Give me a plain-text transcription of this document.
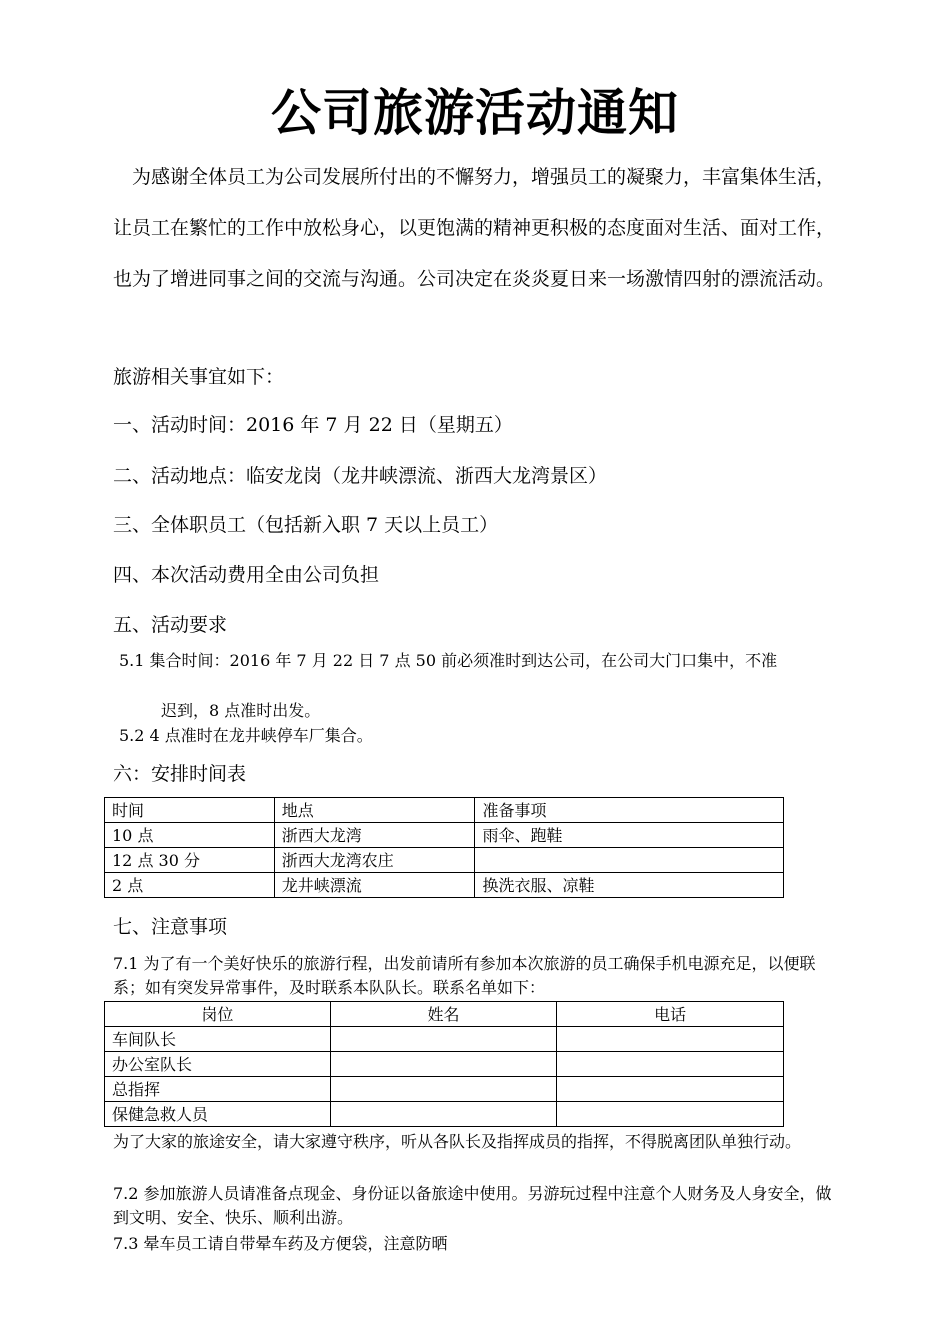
公司旅游活动通知
为感谢全体员工为公司发展所付出的不懈努力，增强员工的凝聚力，丰富集体生活，让员工在繁忙的工作中放松身心，以更饱满的精神更积极的态度面对生活、面对工作，也为了增进同事之间的交流与沟通。公司决定在炎炎夏日来一场激情四射的漂流活动。
旅游相关事宜如下：
一、活动时间：2016 年 7 月 22 日（星期五）
二、活动地点：临安龙岗（龙井峡漂流、浙西大龙湾景区）
三、全体职员工（包括新入职 7 天以上员工）
四、本次活动费用全由公司负担
五、活动要求
5.1 集合时间：2016 年 7 月 22 日 7 点 50 前必须准时到达公司，在公司大门口集中，不准
迟到，8 点准时出发。
5.2 4 点准时在龙井峡停车厂集合。
六：安排时间表
时间	地点	准备事项
10 点	浙西大龙湾	雨伞、跑鞋
12 点 30 分	浙西大龙湾农庄	
2 点	龙井峡漂流	换洗衣服、凉鞋
七、注意事项
7.1 为了有一个美好快乐的旅游行程，出发前请所有参加本次旅游的员工确保手机电源充足，以便联系；如有突发异常事件，及时联系本队队长。联系名单如下：
岗位	姓名	电话
车间队长		
办公室队长		
总指挥		
保健急救人员		
为了大家的旅途安全，请大家遵守秩序，听从各队长及指挥成员的指挥，不得脱离团队单独行动。
7.2 参加旅游人员请准备点现金、身份证以备旅途中使用。另游玩过程中注意个人财务及人身安全，做到文明、安全、快乐、顺利出游。
7.3 晕车员工请自带晕车药及方便袋，注意防晒
